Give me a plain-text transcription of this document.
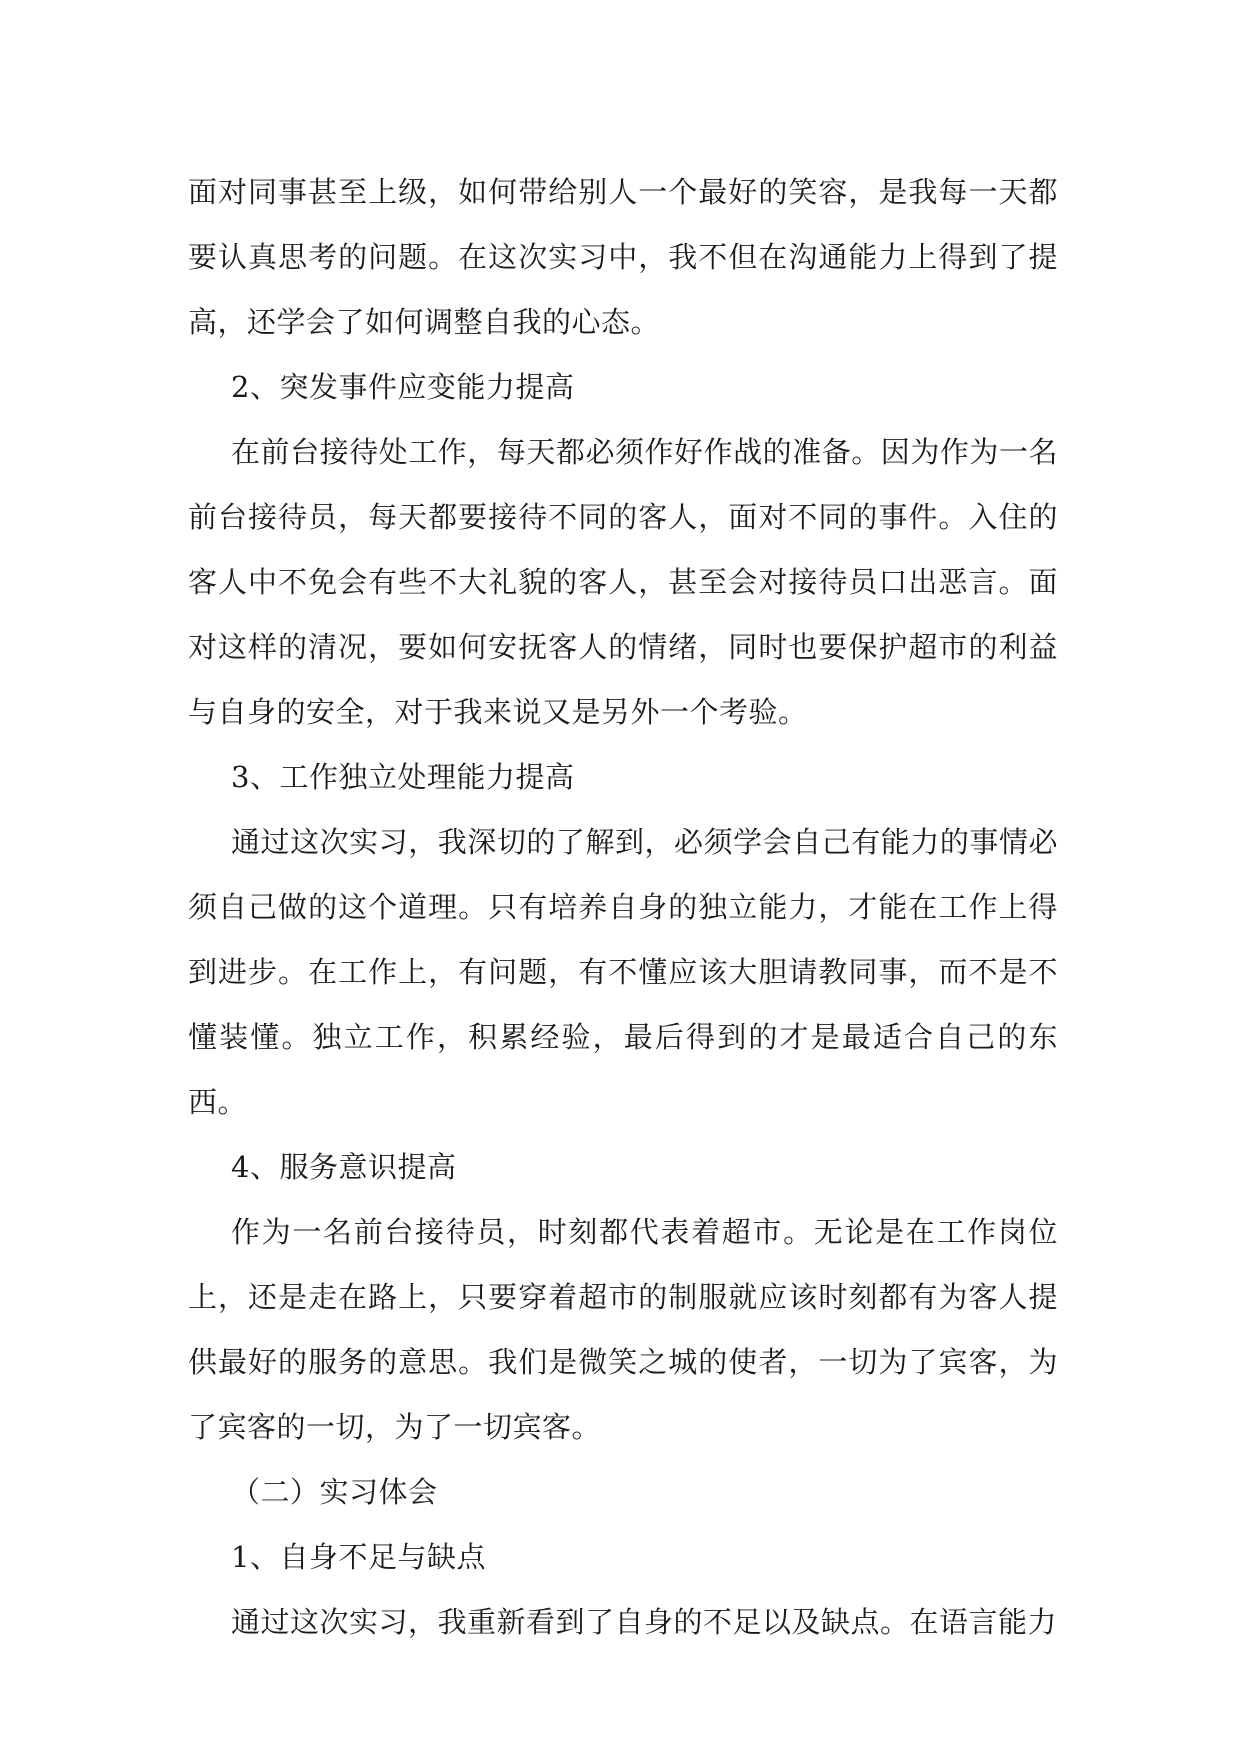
面对同事甚至上级，如何带给别人一个最好的笑容，是我每一天都要认真思考的问题。在这次实习中，我不但在沟通能力上得到了提高，还学会了如何调整自我的心态。

2、突发事件应变能力提高

在前台接待处工作，每天都必须作好作战的准备。因为作为一名前台接待员，每天都要接待不同的客人，面对不同的事件。入住的客人中不免会有些不大礼貌的客人，甚至会对接待员口出恶言。面对这样的清况，要如何安抚客人的情绪，同时也要保护超市的利益与自身的安全，对于我来说又是另外一个考验。

3、工作独立处理能力提高

通过这次实习，我深切的了解到，必须学会自己有能力的事情必须自己做的这个道理。只有培养自身的独立能力，才能在工作上得到进步。在工作上，有问题，有不懂应该大胆请教同事，而不是不懂装懂。独立工作，积累经验，最后得到的才是最适合自己的东西。

4、服务意识提高

作为一名前台接待员，时刻都代表着超市。无论是在工作岗位上，还是走在路上，只要穿着超市的制服就应该时刻都有为客人提供最好的服务的意思。我们是微笑之城的使者，一切为了宾客，为了宾客的一切，为了一切宾客。

（二）实习体会

1、自身不足与缺点

通过这次实习，我重新看到了自身的不足以及缺点。在语言能力
